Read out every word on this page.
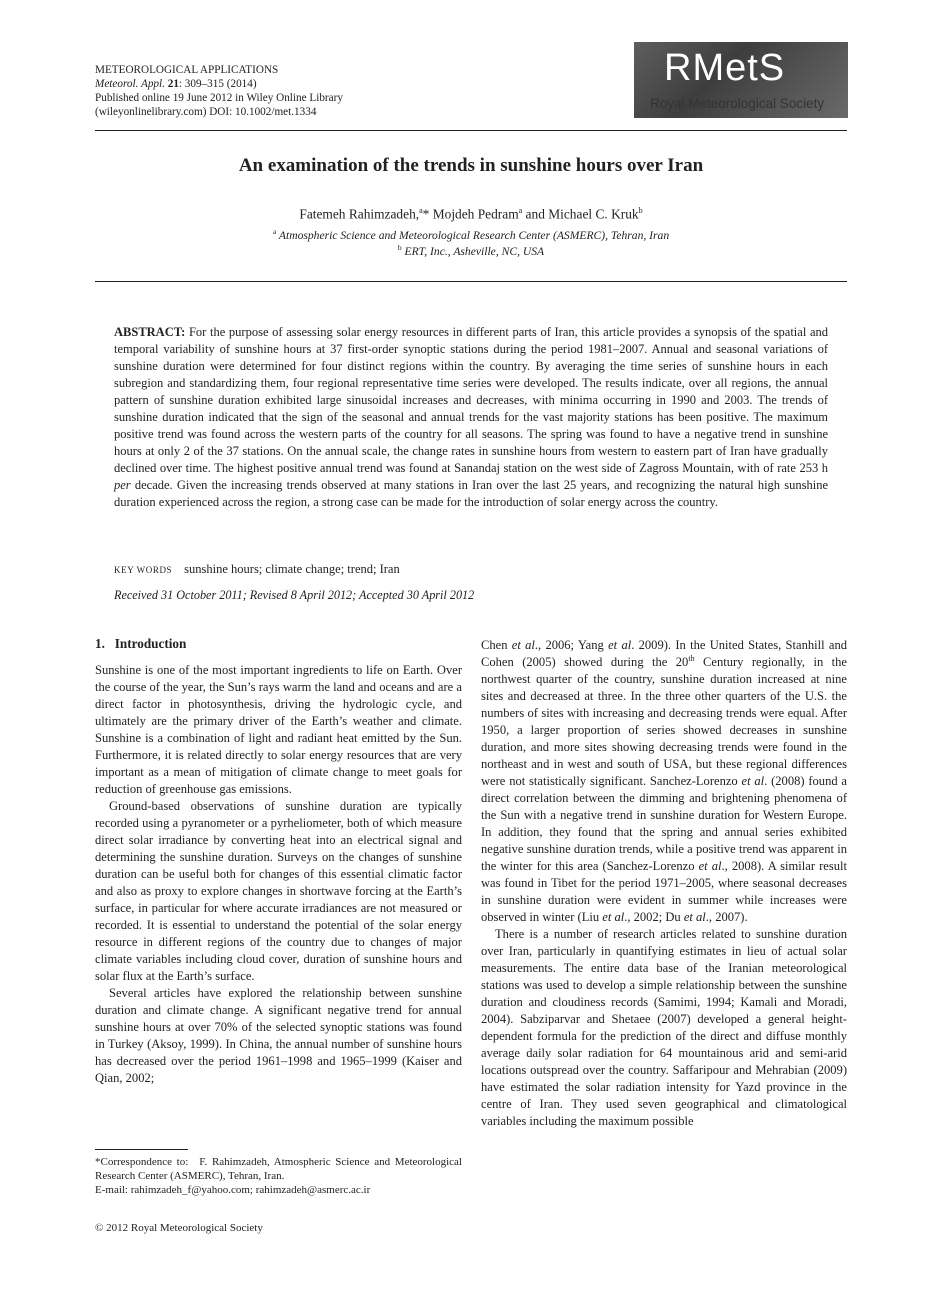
METEOROLOGICAL APPLICATIONS
Meteorol. Appl. 21: 309–315 (2014)
Published online 19 June 2012 in Wiley Online Library
(wileyonlinelibrary.com) DOI: 10.1002/met.1334
RMetS
Royal Meteorological Society
An examination of the trends in sunshine hours over Iran
Fatemeh Rahimzadeh,$^a$* Mojdeh Pedram$^a$ and Michael C. Kruk$^b$
$^a$ Atmospheric Science and Meteorological Research Center (ASMERC), Tehran, Iran
$^b$ ERT, Inc., Asheville, NC, USA
ABSTRACT: For the purpose of assessing solar energy resources in different parts of Iran, this article provides a synopsis of the spatial and temporal variability of sunshine hours at 37 first-order synoptic stations during the period 1981–2007. Annual and seasonal variations of sunshine duration were determined for four distinct regions within the country. By averaging the time series of sunshine hours in each subregion and standardizing them, four regional representative time series were developed. The results indicate, over all regions, the annual pattern of sunshine duration exhibited large sinusoidal increases and decreases, with minima occurring in 1990 and 2003. The trends of sunshine duration indicated that the sign of the seasonal and annual trends for the vast majority stations has been positive. The maximum positive trend was found across the western parts of the country for all seasons. The spring was found to have a negative trend in sunshine hours at only 2 of the 37 stations. On the annual scale, the change rates in sunshine hours from western to eastern part of Iran have gradually declined over time. The highest positive annual trend was found at Sanandaj station on the west side of Zagross Mountain, with of rate 253 h per decade. Given the increasing trends observed at many stations in Iran over the last 25 years, and recognizing the natural high sunshine duration experienced across the region, a strong case can be made for the introduction of solar energy across the country.
KEY WORDS sunshine hours; climate change; trend; Iran
Received 31 October 2011; Revised 8 April 2012; Accepted 30 April 2012
1. Introduction

Sunshine is one of the most important ingredients to life on Earth. Over the course of the year, the Sun’s rays warm the land and oceans and are a direct factor in photosynthesis, driving the hydrologic cycle, and ultimately are the primary driver of the Earth’s weather and climate. Sunshine is a combination of light and radiant heat emitted by the Sun. Furthermore, it is related directly to solar energy resources that are very important as a mean of mitigation of climate change to meet goals for reduction of greenhouse gas emissions.

Ground-based observations of sunshine duration are typically recorded using a pyranometer or a pyrheliometer, both of which measure direct solar irradiance by converting heat into an electrical signal and determining the sunshine duration. Surveys on the changes of sunshine duration can be useful both for changes of this essential climatic factor and also as proxy to explore changes in shortwave forcing at the Earth’s surface, in particular for where accurate irradiances are not measured or recorded. It is essential to understand the potential of the solar energy resource in different regions of the country due to changes of major climate variables including cloud cover, duration of sunshine hours and solar flux at the Earth’s surface.

Several articles have explored the relationship between sunshine duration and climate change. A significant negative trend for annual sunshine hours at over 70% of the selected synoptic stations was found in Turkey (Aksoy, 1999). In China, the annual number of sunshine hours has decreased over the period 1961–1998 and 1965–1999 (Kaiser and Qian, 2002;

Chen et al., 2006; Yang et al. 2009). In the United States, Stanhill and Cohen (2005) showed during the 20th Century regionally, in the northwest quarter of the country, sunshine duration increased at nine sites and decreased at three. In the three other quarters of the U.S. the numbers of sites with increasing and decreasing trends were equal. After 1950, a larger proportion of series showed decreases in sunshine duration, and more sites showing decreasing trends were found in the northeast and in west and south of USA, but these regional differences were not statistically significant. Sanchez-Lorenzo et al. (2008) found a direct correlation between the dimming and brightening phenomena of the Sun with a negative trend in sunshine duration for Western Europe. In addition, they found that the spring and annual series exhibited negative sunshine duration trends, while a positive trend was apparent in the winter for this area (Sanchez-Lorenzo et al., 2008). A similar result was found in Tibet for the period 1971–2005, where seasonal decreases in sunshine duration were evident in summer while increases were observed in winter (Liu et al., 2002; Du et al., 2007).

There is a number of research articles related to sunshine duration over Iran, particularly in quantifying estimates in lieu of actual solar measurements. The entire data base of the Iranian meteorological stations was used to develop a simple relationship between the sunshine duration and cloudiness records (Samimi, 1994; Kamali and Moradi, 2004). Sabziparvar and Shetaee (2007) developed a general height-dependent formula for the prediction of the direct and diffuse monthly average daily solar radiation for 64 mountainous arid and semi-arid locations outspread over the country. Saffaripour and Mehrabian (2009) have estimated the solar radiation intensity for Yazd province in the centre of Iran. They used seven geographical and climatological variables including the maximum possible

*Correspondence to: F. Rahimzadeh, Atmospheric Science and Meteorological Research Center (ASMERC), Tehran, Iran.
E-mail: rahimzadeh_f@yahoo.com; rahimzadeh@asmerc.ac.ir
© 2012 Royal Meteorological Society
